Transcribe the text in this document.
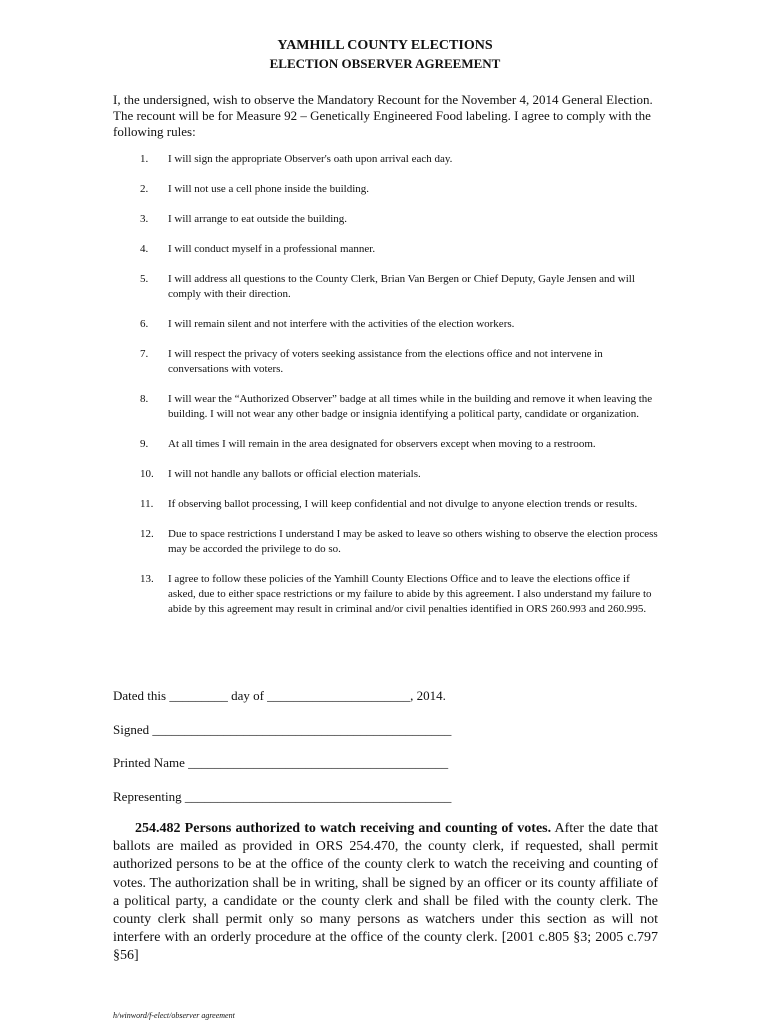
YAMHILL COUNTY ELECTIONS

ELECTION OBSERVER AGREEMENT

I, the undersigned, wish to observe the Mandatory Recount for the November 4, 2014 General Election. The recount will be for Measure 92 – Genetically Engineered Food labeling. I agree to comply with the following rules:

1.	I will sign the appropriate Observer's oath upon arrival each day.
2.	I will not use a cell phone inside the building.
3.	I will arrange to eat outside the building.
4.	I will conduct myself in a professional manner.
5.	I will address all questions to the County Clerk, Brian Van Bergen or Chief Deputy, Gayle Jensen and will comply with their direction.
6.	I will remain silent and not interfere with the activities of the election workers.
7.	I will respect the privacy of voters seeking assistance from the elections office and not intervene in conversations with voters.
8.	I will wear the “Authorized Observer” badge at all times while in the building and remove it when leaving the building. I will not wear any other badge or insignia identifying a political party, candidate or organization.
9.	At all times I will remain in the area designated for observers except when moving to a restroom.
10.	I will not handle any ballots or official election materials.
11.	If observing ballot processing, I will keep confidential and not divulge to anyone election trends or results.
12.	Due to space restrictions I understand I may be asked to leave so others wishing to observe the election process may be accorded the privilege to do so.
13.	I agree to follow these policies of the Yamhill County Elections Office and to leave the elections office if asked, due to either space restrictions or my failure to abide by this agreement. I also understand my failure to abide by this agreement may result in criminal and/or civil penalties identified in ORS 260.993 and 260.995.
Dated this _________ day of ______________________, 2014.
Signed ______________________________________________
Printed Name ________________________________________
Representing _________________________________________

254.482 Persons authorized to watch receiving and counting of votes. After the date that ballots are mailed as provided in ORS 254.470, the county clerk, if requested, shall permit authorized persons to be at the office of the county clerk to watch the receiving and counting of votes. The authorization shall be in writing, shall be signed by an officer or its county affiliate of a political party, a candidate or the county clerk and shall be filed with the county clerk. The county clerk shall permit only so many persons as watchers under this section as will not interfere with an orderly procedure at the office of the county clerk. [2001 c.805 §3; 2005 c.797 §56]

h/winword/f-elect/observer agreement
